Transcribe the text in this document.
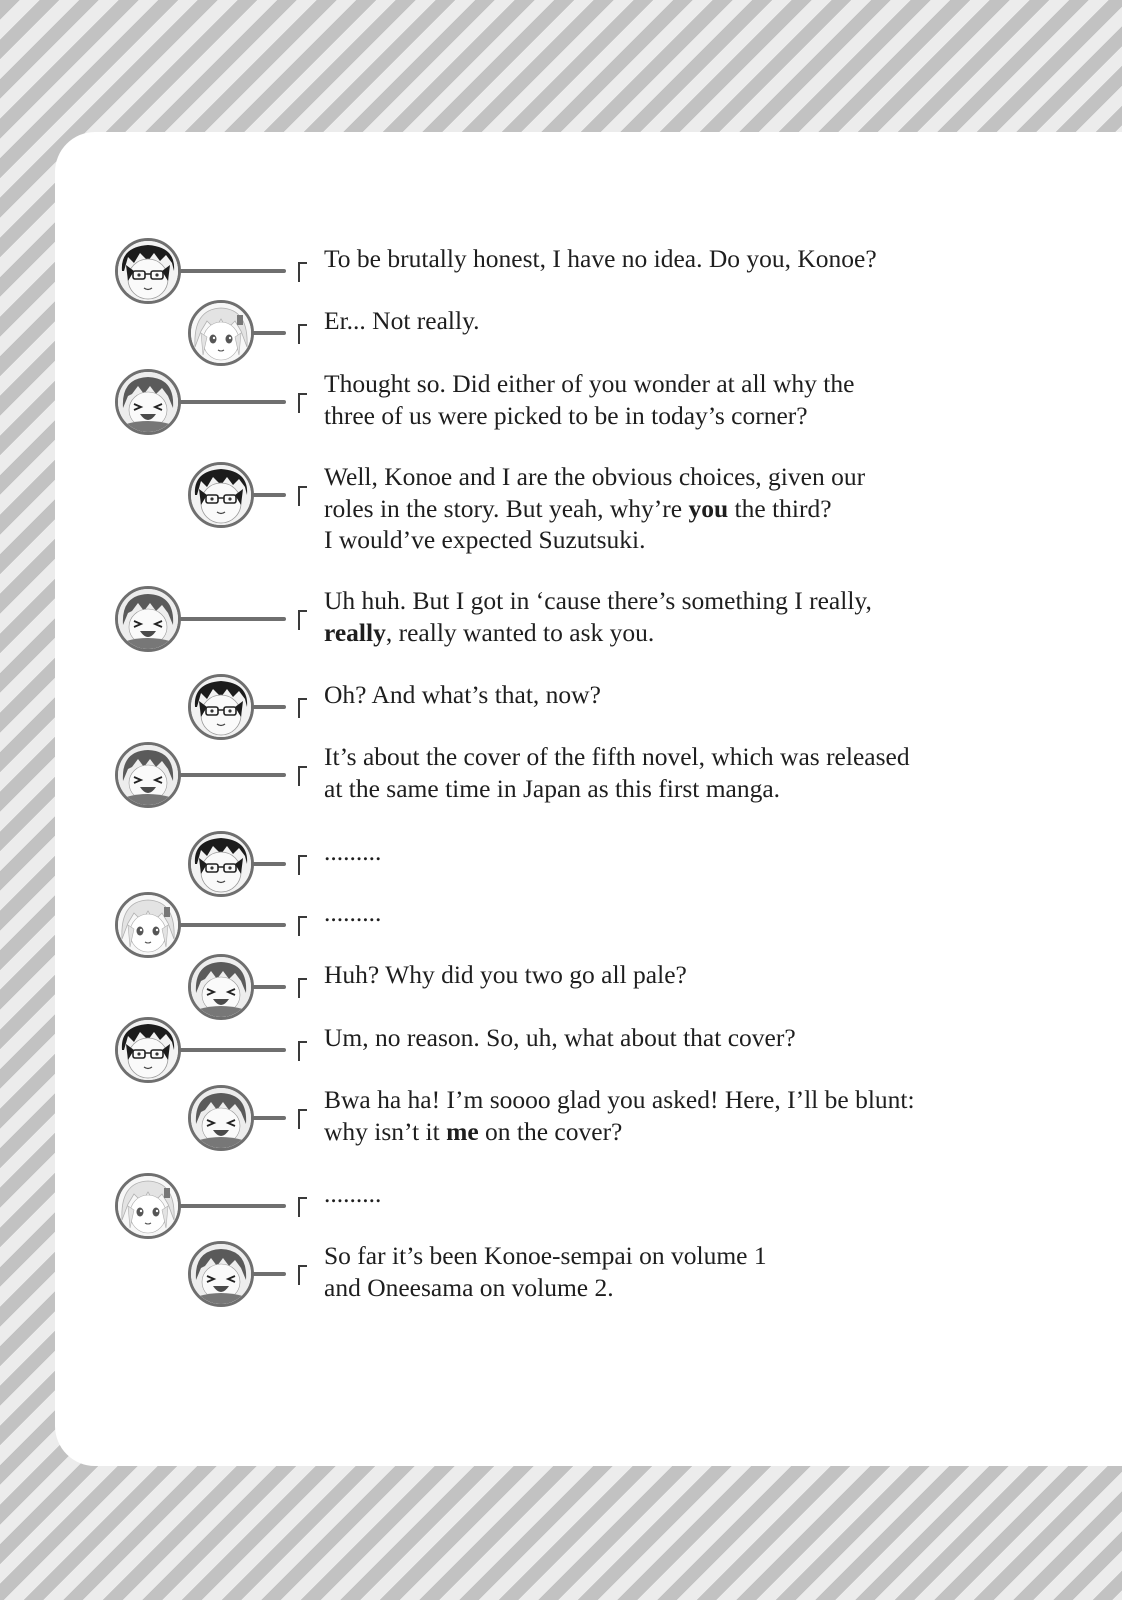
To be brutally honest, I have no idea. Do you, Konoe?
Er... Not really.
Thought so. Did either of you wonder at all why the
three of us were picked to be in today’s corner?
Well, Konoe and I are the obvious choices, given our
roles in the story. But yeah, why’re you the third?
I would’ve expected Suzutsuki.
Uh huh. But I got in ‘cause there’s something I really,
really, really wanted to ask you.
Oh? And what’s that, now?
It’s about the cover of the fifth novel, which was released
at the same time in Japan as this first manga.
.........
.........
Huh? Why did you two go all pale?
Um, no reason. So, uh, what about that cover?
Bwa ha ha! I’m soooo glad you asked! Here, I’ll be blunt:
why isn’t it me on the cover?
.........
So far it’s been Konoe-sempai on volume 1
and Oneesama on volume 2.
